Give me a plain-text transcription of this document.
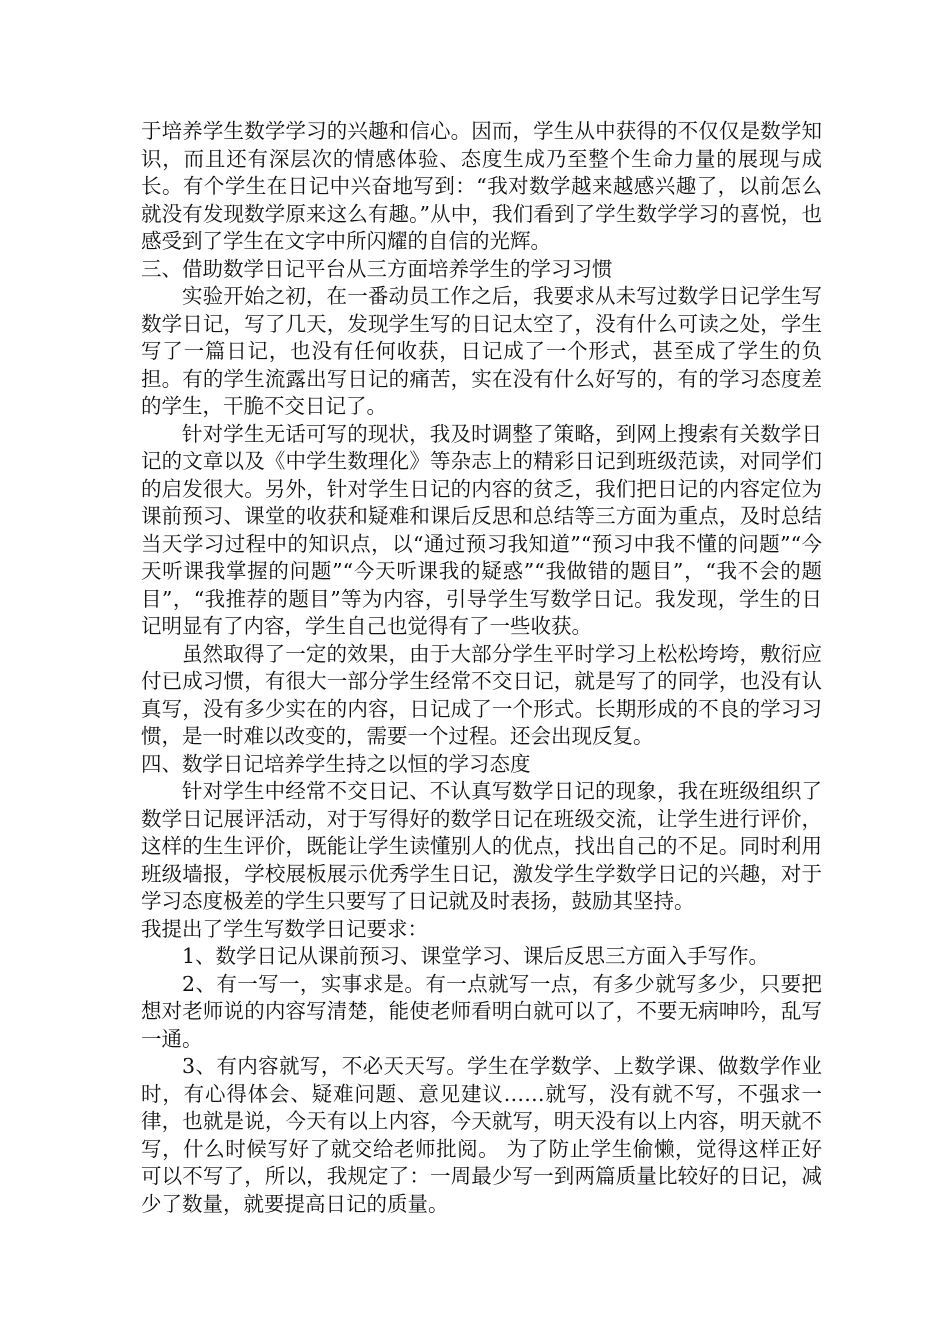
于培养学生数学学习的兴趣和信心。因而，学生从中获得的不仅仅是数学知识，而且还有深层次的情感体验、态度生成乃至整个生命力量的展现与成长。有个学生在日记中兴奋地写到：“我对数学越来越感兴趣了，以前怎么就没有发现数学原来这么有趣。”从中，我们看到了学生数学学习的喜悦，也感受到了学生在文字中所闪耀的自信的光辉。

三、借助数学日记平台从三方面培养学生的学习习惯

实验开始之初，在一番动员工作之后，我要求从未写过数学日记学生写数学日记，写了几天，发现学生写的日记太空了，没有什么可读之处，学生写了一篇日记，也没有任何收获，日记成了一个形式，甚至成了学生的负担。有的学生流露出写日记的痛苦，实在没有什么好写的，有的学习态度差的学生，干脆不交日记了。

针对学生无话可写的现状，我及时调整了策略，到网上搜索有关数学日记的文章以及《中学生数理化》等杂志上的精彩日记到班级范读，对同学们的启发很大。另外，针对学生日记的内容的贫乏，我们把日记的内容定位为课前预习、课堂的收获和疑难和课后反思和总结等三方面为重点，及时总结当天学习过程中的知识点，以“通过预习我知道”“预习中我不懂的问题”“今天听课我掌握的问题”“今天听课我的疑惑”“我做错的题目”，“我不会的题目”，“我推荐的题目”等为内容，引导学生写数学日记。我发现，学生的日记明显有了内容，学生自己也觉得有了一些收获。

虽然取得了一定的效果，由于大部分学生平时学习上松松垮垮，敷衍应付已成习惯，有很大一部分学生经常不交日记，就是写了的同学，也没有认真写，没有多少实在的内容，日记成了一个形式。长期形成的不良的学习习惯，是一时难以改变的，需要一个过程。还会出现反复。

四、数学日记培养学生持之以恒的学习态度

针对学生中经常不交日记、不认真写数学日记的现象，我在班级组织了数学日记展评活动，对于写得好的数学日记在班级交流，让学生进行评价，这样的生生评价，既能让学生读懂别人的优点，找出自己的不足。同时利用班级墙报，学校展板展示优秀学生日记，激发学生学数学日记的兴趣，对于学习态度极差的学生只要写了日记就及时表扬，鼓励其坚持。

我提出了学生写数学日记要求：

1、数学日记从课前预习、课堂学习、课后反思三方面入手写作。

2、有一写一，实事求是。有一点就写一点，有多少就写多少，只要把想对老师说的内容写清楚，能使老师看明白就可以了，不要无病呻吟，乱写一通。

3、有内容就写，不必天天写。学生在学数学、上数学课、做数学作业时，有心得体会、疑难问题、意见建议……就写，没有就不写，不强求一律，也就是说，今天有以上内容，今天就写，明天没有以上内容，明天就不写，什么时候写好了就交给老师批阅。 为了防止学生偷懒，觉得这样正好可以不写了，所以，我规定了：一周最少写一到两篇质量比较好的日记，减少了数量，就要提高日记的质量。
